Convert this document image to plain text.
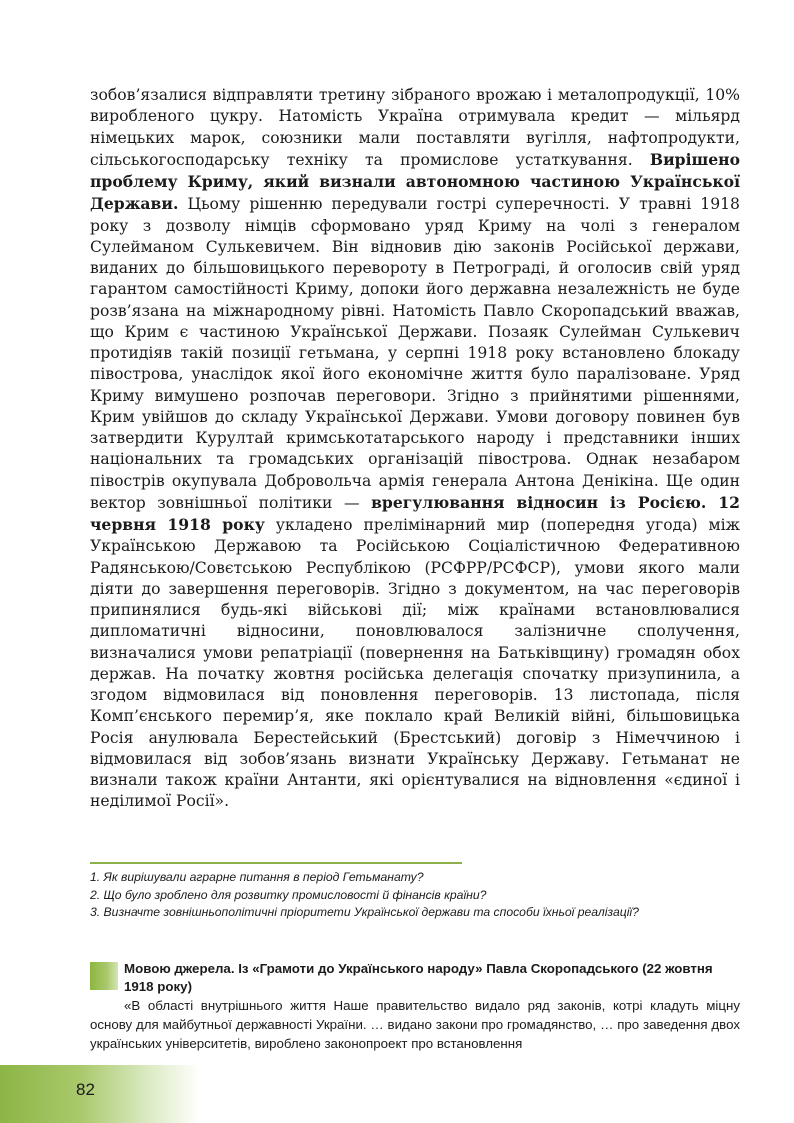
зобов’язалися відправляти третину зібраного врожаю і металопродукції, 10% виробленого цукру. Натомість Україна отримувала кредит — мільярд німецьких марок, союзники мали поставляти вугілля, нафтопродукти, сільськогосподарську техніку та промислове устаткування. Вирішено проблему Криму, який визнали автономною частиною Української Держави. Цьому рішенню передували гострі суперечності. У травні 1918 року з дозволу німців сформовано уряд Криму на чолі з генералом Сулейманом Сулькевичем. Він відновив дію законів Російської держави, виданих до більшовицького перевороту в Петрограді, й оголосив свій уряд гарантом самостійності Криму, допоки його державна незалежність не буде розв’язана на міжнародному рівні. Натомість Павло Скоропадський вважав, що Крим є частиною Української Держави. Позаяк Сулейман Сулькевич протидіяв такій позиції гетьмана, у серпні 1918 року встановлено блокаду півострова, унаслідок якої його економічне життя було паралізоване. Уряд Криму вимушено розпочав переговори. Згідно з прийнятими рішеннями, Крим увійшов до складу Української Держави. Умови договору повинен був затвердити Курултай кримськотатарського народу і представники інших національних та громадських організацій півострова. Однак незабаром півострів окупувала Добровольча армія генерала Антона Денікіна. Ще один вектор зовнішньої політики — врегулювання відносин із Росією. 12 червня 1918 року укладено прелімінарний мир (попередня угода) між Українською Державою та Російською Соціалістичною Федеративною Радянською/Совєтською Республікою (РСФРР/РСФСР), умови якого мали діяти до завершення переговорів. Згідно з документом, на час переговорів припинялися будь-які військові дії; між країнами встановлювалися дипломатичні відносини, поновлювалося залізничне сполучення, визначалися умови репатріації (повернення на Батьківщину) громадян обох держав. На початку жовтня російська делегація спочатку призупинила, а згодом відмовилася від поновлення переговорів. 13 листопада, після Комп’єнського перемир’я, яке поклало край Великій війні, більшовицька Росія анулювала Берестейський (Брестський) договір з Німеччиною і відмовилася від зобов’язань визнати Українську Державу. Гетьманат не визнали також країни Антанти, які орієнтувалися на відновлення «єдиної і неділимої Росії».

1. Як вирішували аграрне питання в період Гетьманату?
2. Що було зроблено для розвитку промисловості й фінансів країни?
3. Визначте зовнішньополітичні пріоритети Української держави та способи їхньої реалізації?

Мовою джерела. Із «Грамоти до Українського народу» Павла Скоропадського (22 жовтня 1918 року)

«В області внутрішнього життя Наше правительство видало ряд законів, котрі кладуть міцну основу для майбутньої державності України. … видано закони про громадянство, … про заведення двох українських університетів, вироблено законопроект про встановлення

82
